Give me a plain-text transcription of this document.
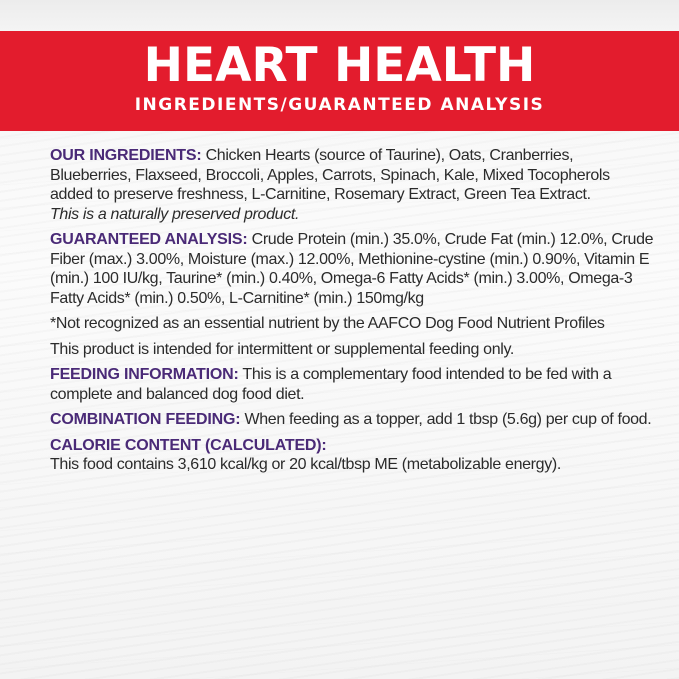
HEART HEALTH
INGREDIENTS/GUARANTEED ANALYSIS

OUR INGREDIENTS: Chicken Hearts (source of Taurine), Oats, Cranberries, Blueberries, Flaxseed, Broccoli, Apples, Carrots, Spinach, Kale, Mixed Tocopherols added to preserve freshness, L-Carnitine, Rosemary Extract, Green Tea Extract.

This is a naturally preserved product.

GUARANTEED ANALYSIS: Crude Protein (min.) 35.0%, Crude Fat (min.) 12.0%, Crude Fiber (max.) 3.00%, Moisture (max.) 12.00%, Methionine-cystine (min.) 0.90%, Vitamin E (min.) 100 IU/kg, Taurine* (min.) 0.40%, Omega-6 Fatty Acids* (min.) 3.00%, Omega-3 Fatty Acids* (min.) 0.50%, L-Carnitine* (min.) 150mg/kg

*Not recognized as an essential nutrient by the AAFCO Dog Food Nutrient Profiles

This product is intended for intermittent or supplemental feeding only.

FEEDING INFORMATION: This is a complementary food intended to be fed with a complete and balanced dog food diet.

COMBINATION FEEDING: When feeding as a topper, add 1 tbsp (5.6g) per cup of food.

CALORIE CONTENT (CALCULATED):
This food contains 3,610 kcal/kg or 20 kcal/tbsp ME (metabolizable energy).
